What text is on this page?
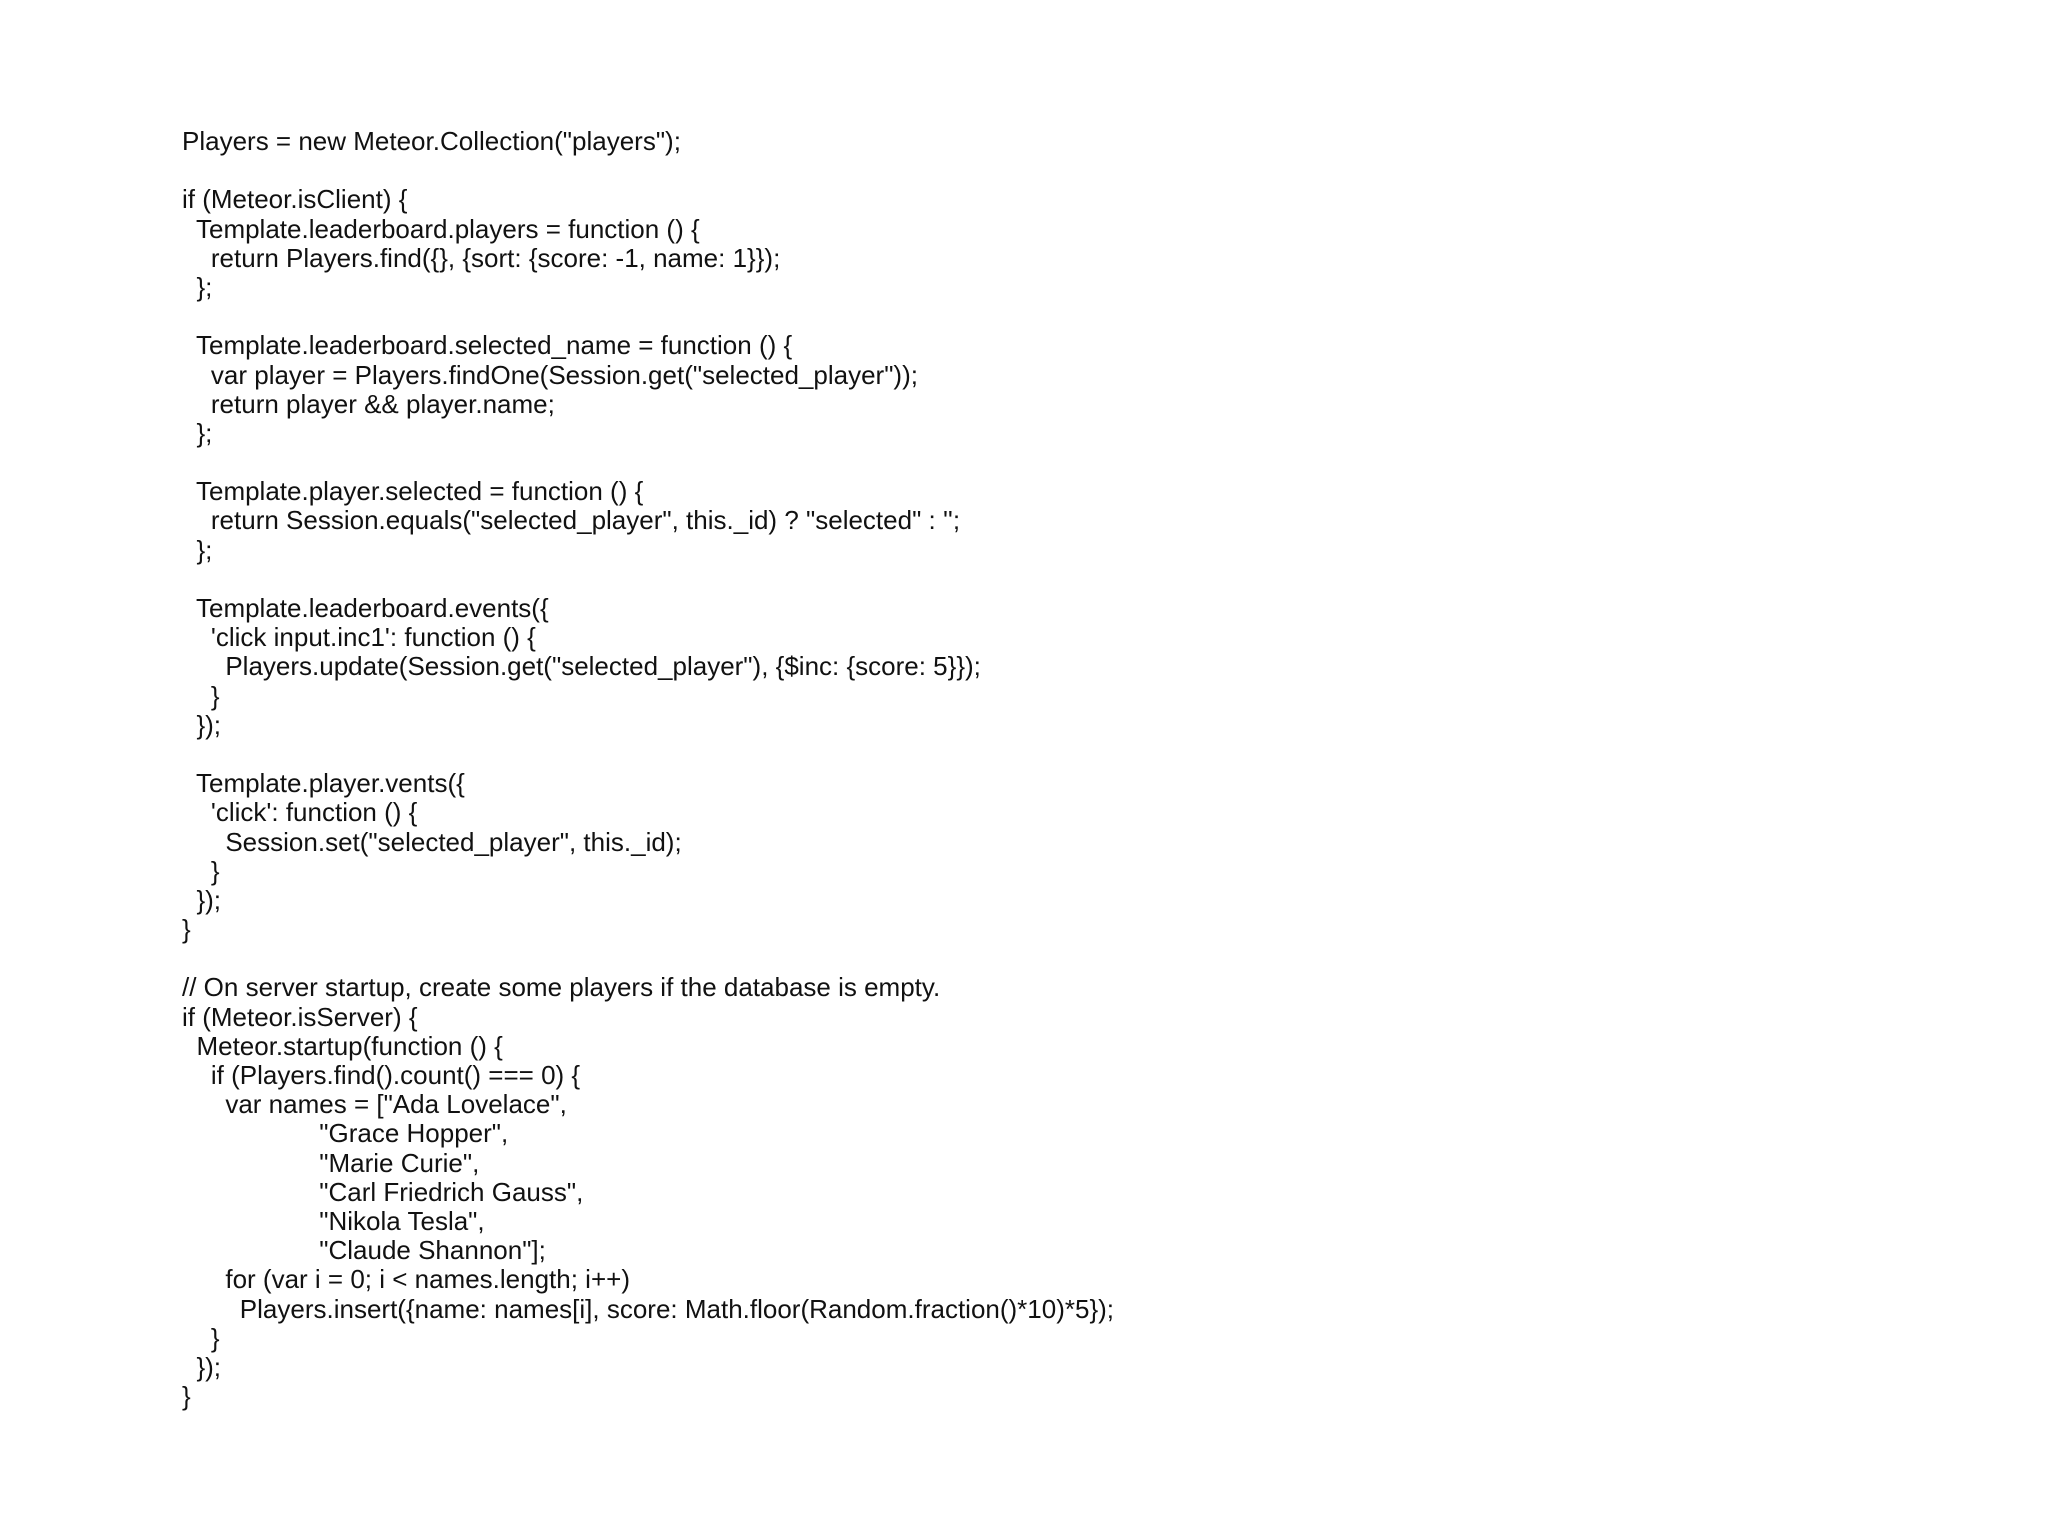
Players = new Meteor.Collection("players");
if (Meteor.isClient) {
Template.leaderboard.players = function () {
return Players.find({}, {sort: {score: -1, name: 1}});
};
Template.leaderboard.selected_name = function () {
var player = Players.findOne(Session.get("selected_player"));
return player && player.name;
};
Template.player.selected = function () {
return Session.equals("selected_player", this._id) ? "selected" : '';
};
Template.leaderboard.events({
'click input.inc1': function () {
Players.update(Session.get("selected_player"), {$inc: {score: 5}});
}
});
Template.player.vents({
'click': function () {
Session.set("selected_player", this._id);
}
});
}
// On server startup, create some players if the database is empty.
if (Meteor.isServer) {
Meteor.startup(function () {
if (Players.find().count() === 0) {
var names = ["Ada Lovelace",
"Grace Hopper",
"Marie Curie",
"Carl Friedrich Gauss",
"Nikola Tesla",
"Claude Shannon"];
for (var i = 0; i < names.length; i++)
Players.insert({name: names[i], score: Math.floor(Random.fraction()*10)*5});
}
});
}
